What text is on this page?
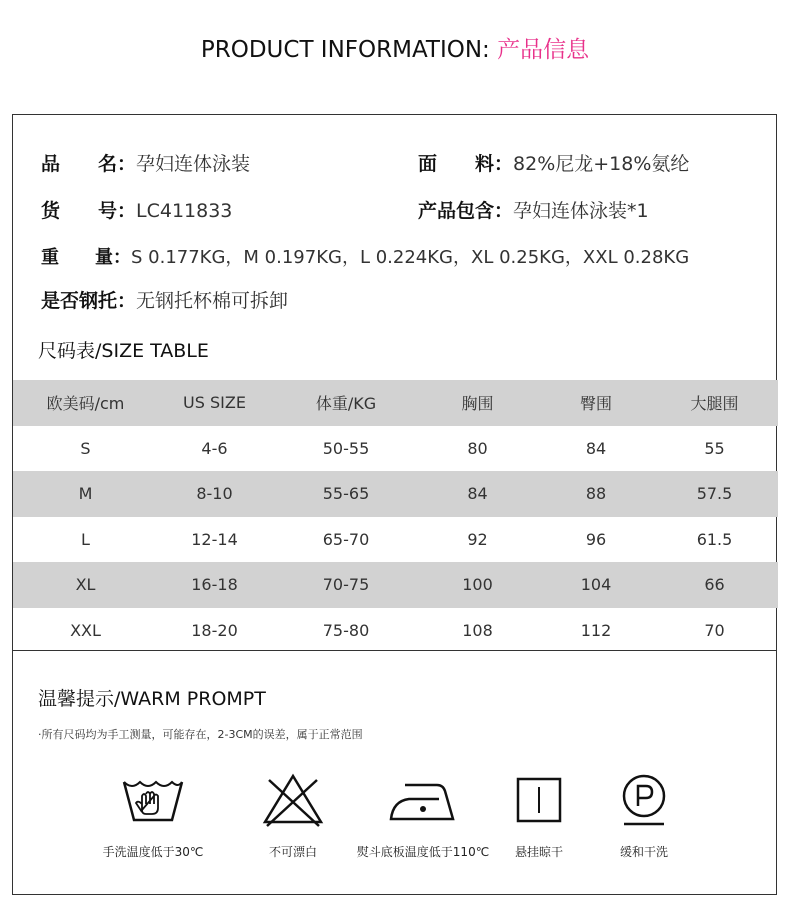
PRODUCT INFORMATION: 产品信息
品　　名：孕妇连体泳装	面　　料：82%尼龙+18%氨纶
货　　号：LC411833	产品包含：孕妇连体泳装*1
重　　量：S 0.177KG，M 0.197KG，L 0.224KG，XL 0.25KG，XXL 0.28KG
是否钢托：无钢托杯棉可拆卸
尺码表/SIZE TABLE
欧美码/cm	US SIZE	体重/KG	胸围	臀围	大腿围
S	4-6	50-55	80	84	55
M	8-10	55-65	84	88	57.5
L	12-14	65-70	92	96	61.5
XL	16-18	70-75	100	104	66
XXL	18-20	75-80	108	112	70
温馨提示/WARM PROMPT
·所有尺码均为手工测量，可能存在，2-3CM的误差，属于正常范围
手洗温度低于30℃	不可漂白	熨斗底板温度低于110℃	悬挂晾干	缓和干洗
